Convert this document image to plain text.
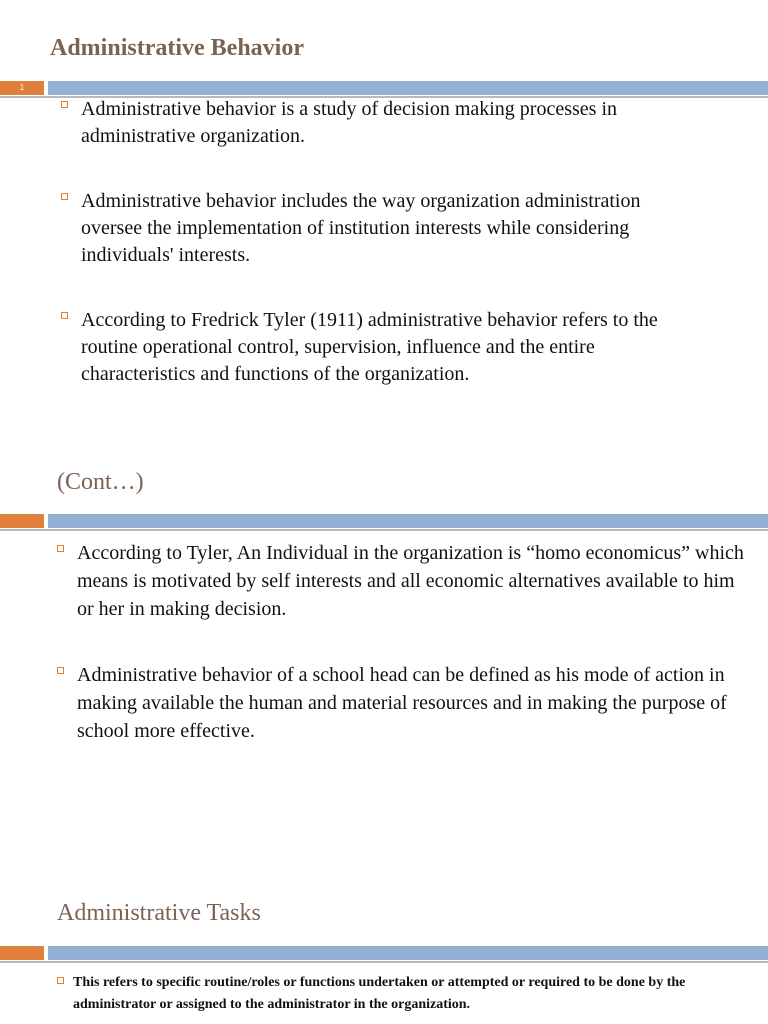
Administrative Behavior
1
Administrative behavior is a study of decision making processes in administrative organization.
Administrative behavior includes the way organization administration oversee the implementation of institution interests while considering individuals' interests.
According to Fredrick Tyler (1911) administrative behavior refers to the routine operational control, supervision, influence and the entire characteristics and functions of the organization.
(Cont…)
According to Tyler, An Individual in the organization is “homo economicus” which means is motivated by self interests and all economic alternatives available to him or her in making decision.
Administrative behavior of a school head can be defined as his mode of action in making available the human and material resources and in making the purpose of school more effective.
Administrative Tasks
This refers to specific routine/roles or functions undertaken or attempted or required to be done by the administrator or assigned to the administrator in the organization.
